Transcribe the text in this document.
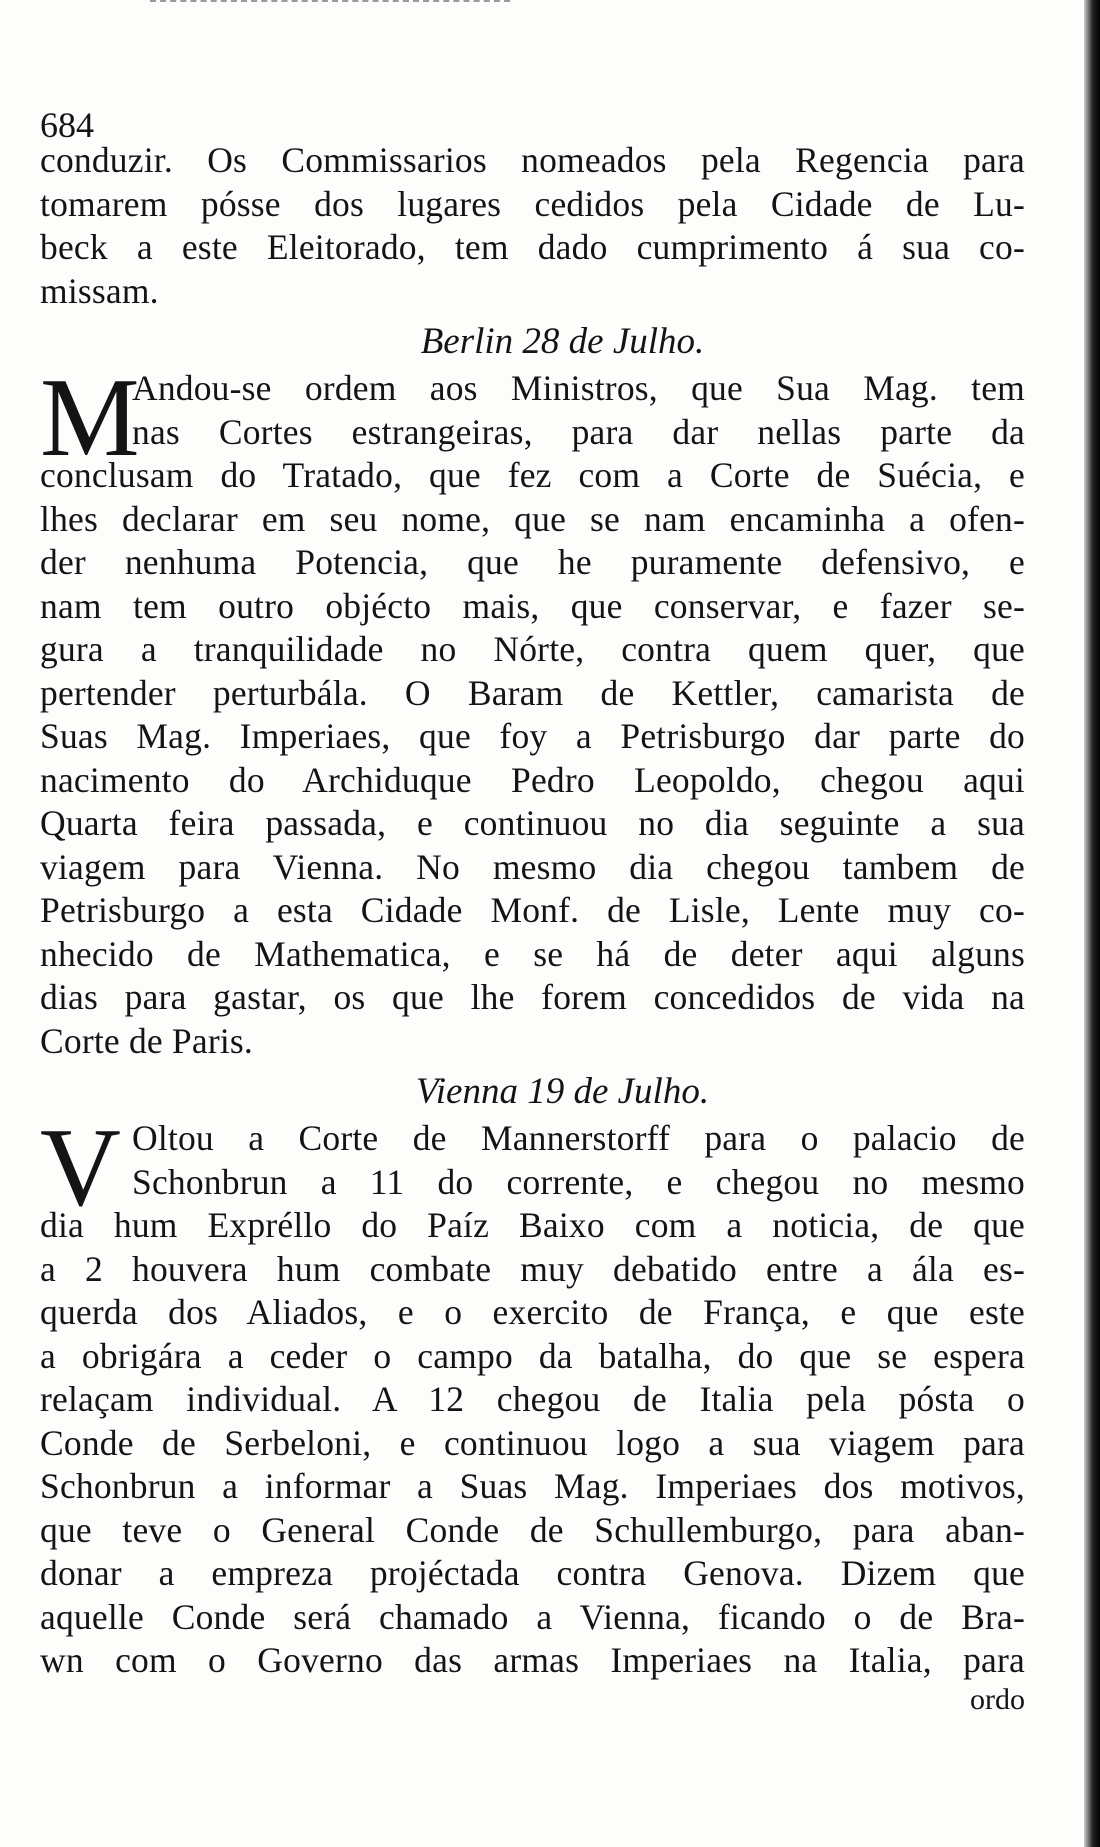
684
conduzir. Os Commissarios nomeados pela Regencia para
tomarem pósse dos lugares cedidos pela Cidade de Lu-
beck a este Eleitorado, tem dado cumprimento á sua co-
missam.
Berlin 28 de Julho.
M
Andou-se ordem aos Ministros, que Sua Mag. tem
nas Cortes estrangeiras, para dar nellas parte da
conclusam do Tratado, que fez com a Corte de Suécia, e
lhes declarar em seu nome, que se nam encaminha a ofen-
der nenhuma Potencia, que he puramente defensivo, e
nam tem outro objécto mais, que conservar, e fazer se-
gura a tranquilidade no Nórte, contra quem quer, que
pertender perturbála. O Baram de Kettler, camarista de
Suas Mag. Imperiaes, que foy a Petrisburgo dar parte do
nacimento do Archiduque Pedro Leopoldo, chegou aqui
Quarta feira passada, e continuou no dia seguinte a sua
viagem para Vienna. No mesmo dia chegou tambem de
Petrisburgo a esta Cidade Monf. de Lisle, Lente muy co-
nhecido de Mathematica, e se há de deter aqui alguns
dias para gastar, os que lhe forem concedidos de vida na
Corte de Paris.
Vienna 19 de Julho.
V Oltou a Corte de Mannerstorff para o palacio de
Schonbrun a 11 do corrente, e chegou no mesmo
dia hum Expréllo do Paíz Baixo com a noticia, de que
a 2 houvera hum combate muy debatido entre a ála es-
querda dos Aliados, e o exercito de França, e que este
a obrigára a ceder o campo da batalha, do que se espera
relaçam individual. A 12 chegou de Italia pela pósta o
Conde de Serbeloni, e continuou logo a sua viagem para
Schonbrun a informar a Suas Mag. Imperiaes dos motivos,
que teve o General Conde de Schullemburgo, para aban-
donar a empreza projéctada contra Genova. Dizem que
aquelle Conde será chamado a Vienna, ficando o de Bra-
wn com o Governo das armas Imperiaes na Italia, para
ordo
